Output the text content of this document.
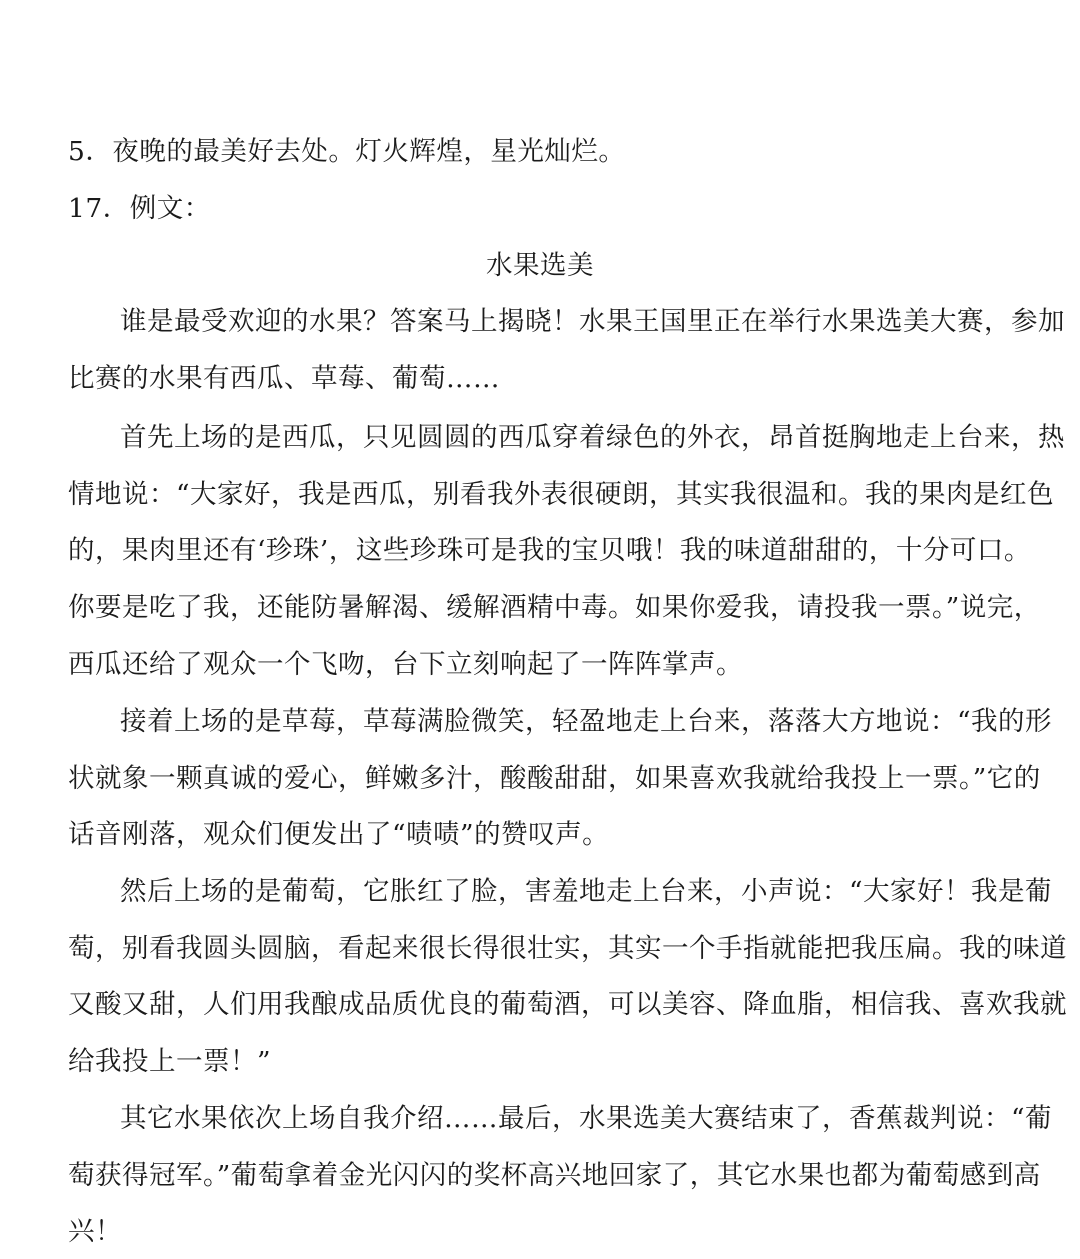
5．夜晚的最美好去处。灯火辉煌，星光灿烂。
17．例文：
水果选美
谁是最受欢迎的水果？答案马上揭晓！水果王国里正在举行水果选美大赛，参加
比赛的水果有西瓜、草莓、葡萄……
首先上场的是西瓜，只见圆圆的西瓜穿着绿色的外衣，昂首挺胸地走上台来，热
情地说：“大家好，我是西瓜，别看我外表很硬朗，其实我很温和。我的果肉是红色
的，果肉里还有‘珍珠’，这些珍珠可是我的宝贝哦！我的味道甜甜的，十分可口。
你要是吃了我，还能防暑解渴、缓解酒精中毒。如果你爱我，请投我一票。”说完，
西瓜还给了观众一个飞吻，台下立刻响起了一阵阵掌声。
接着上场的是草莓，草莓满脸微笑，轻盈地走上台来，落落大方地说：“我的形
状就象一颗真诚的爱心，鲜嫩多汁，酸酸甜甜，如果喜欢我就给我投上一票。”它的
话音刚落，观众们便发出了“啧啧”的赞叹声。
然后上场的是葡萄，它胀红了脸，害羞地走上台来，小声说：“大家好！我是葡
萄，别看我圆头圆脑，看起来很长得很壮实，其实一个手指就能把我压扁。我的味道
又酸又甜，人们用我酿成品质优良的葡萄酒，可以美容、降血脂，相信我、喜欢我就
给我投上一票！”
其它水果依次上场自我介绍……最后，水果选美大赛结束了，香蕉裁判说：“葡
萄获得冠军。”葡萄拿着金光闪闪的奖杯高兴地回家了，其它水果也都为葡萄感到高
兴！
